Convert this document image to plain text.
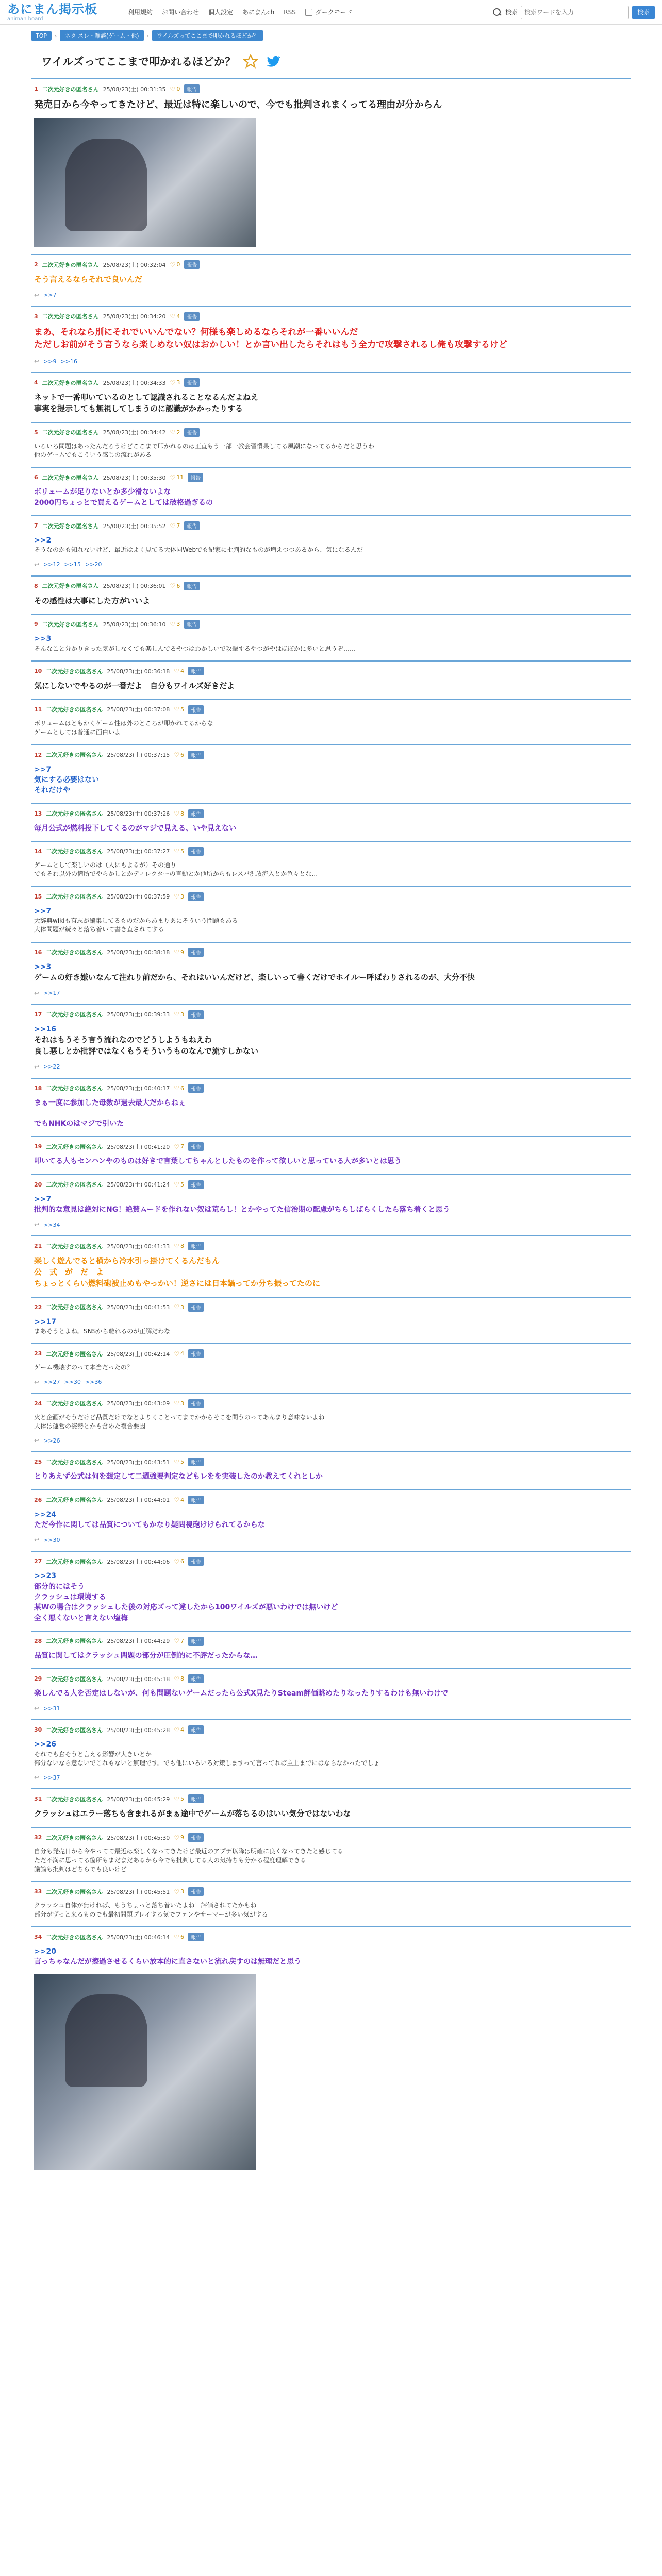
あにまん掲示板
animan board
利用規約 お問い合わせ 個人設定 あにまんch RSS	ダークモード	検索
検索ワードを入力	検索
TOP	›	ネタ スレ・雑談(ゲーム・他)	›	ワイルズってここまで叩かれるほどか？
ワイルズってここまで叩かれるほどか？
1 二次元好きの匿名さん 25/08/23(土) 00:31:35 ♡ 0	報告
発売日から今やってきたけど、最近は特に楽しいので、今でも批判されまくってる理由が分からん
2 二次元好きの匿名さん 25/08/23(土) 00:32:04 ♡ 0	報告
そう言えるならそれで良いんだ
↩ >>7
3 二次元好きの匿名さん 25/08/23(土) 00:34:20 ♡ 4	報告
まあ、それなら別にそれでいいんでない？何様も楽しめるならそれが一番いいんだ
ただしお前がそう言うなら楽しめない奴はおかしい！とか言い出したらそれはもう全力で攻撃されるし俺も攻撃するけど
↩ >>9 >>16
4 二次元好きの匿名さん 25/08/23(土) 00:34:33 ♡ 3	報告
ネットで一番叩いているのとして認識されることなるんだよねえ
事実を提示しても無視してしまうのに認識がかかったりする
5 二次元好きの匿名さん 25/08/23(土) 00:34:42 ♡ 2	報告
いろいろ問題はあったんだろうけどここまで叩かれるのは正直もう一部一教会習慣果してる風潮になってるからだと思うわ
他のゲームでもこういう感じの流れがある
6 二次元好きの匿名さん 25/08/23(土) 00:35:30 ♡ 11	報告
ボリュームが足りないとか多少滑ないよな
2000円ちょっとで買えるゲームとしては破格過ぎるの
7 二次元好きの匿名さん 25/08/23(土) 00:35:52 ♡ 7	報告
>>2
そうなのかも知れないけど、最近はよく見てる大体同Webでも紀家に批判的なものが増えつつあるから、気になるんだ
↩ >>12 >>15 >>20
8 二次元好きの匿名さん 25/08/23(土) 00:36:01 ♡ 6	報告
その感性は大事にした方がいいよ
9 二次元好きの匿名さん 25/08/23(土) 00:36:10 ♡ 3	報告
>>3
そんなこと分かりきった気がしなくても楽しんでるやつはわかしいで攻撃するやつがやはほぼかに多いと思うぞ……
10 二次元好きの匿名さん 25/08/23(土) 00:36:18 ♡ 4	報告
気にしないでやるのが一番だよ　自分もワイルズ好きだよ
11 二次元好きの匿名さん 25/08/23(土) 00:37:08 ♡ 5	報告
ボリュームはともかくゲーム性は外のところが叩かれてるからな
ゲームとしては普通に面白いよ
12 二次元好きの匿名さん 25/08/23(土) 00:37:15 ♡ 6	報告
>>7
気にする必要はない
それだけや
13 二次元好きの匿名さん 25/08/23(土) 00:37:26 ♡ 8	報告
毎月公式が燃料投下してくるのがマジで見える、いや見えない
14 二次元好きの匿名さん 25/08/23(土) 00:37:27 ♡ 5	報告
ゲームとして楽しいのは（人にもよるが）その通り
でもそれ以外の箇所でやらかしとかディレクターの言動とか他所からもレスパ況放流入とか色々とな…
15 二次元好きの匿名さん 25/08/23(土) 00:37:59 ♡ 3	報告
>>7
大辞典wikiも有志が編集してるものだからあまりあにそういう問題もある
大体問題が続々と落ち着いて書き直されてする
16 二次元好きの匿名さん 25/08/23(土) 00:38:18 ♡ 9	報告
>>3
ゲームの好き嫌いなんて注れり前だから、それはいいんだけど、楽しいって書くだけでホイルー呼ばわりされるのが、大分不快
↩ >>17
17 二次元好きの匿名さん 25/08/23(土) 00:39:33 ♡ 3	報告
>>16
それはもうそう言う流れなのでどうしようもねえわ
良し悪しとか批評ではなくもうそういうものなんで流すしかない
↩ >>22
18 二次元好きの匿名さん 25/08/23(土) 00:40:17 ♡ 6	報告
まぁ一度に参加した母数が過去最大だからねぇ

でもNHKのはマジで引いた
19 二次元好きの匿名さん 25/08/23(土) 00:41:20 ♡ 7	報告
叩いてる人もセンハンやのものは好きで言葉してちゃんとしたものを作って欲しいと思っている人が多いとは思う
20 二次元好きの匿名さん 25/08/23(土) 00:41:24 ♡ 5	報告
>>7
批判的な意見は絶対にNG！絶賛ムードを作れない奴は荒らし！とかやってた信治期の配慮がちらしばらくしたら落ち着くと思う
↩ >>34
21 二次元好きの匿名さん 25/08/23(土) 00:41:33 ♡ 8	報告
楽しく遊んでると横から冷水引っ掛けてくるんだもん
公　式　が　だ　よ
ちょっとくらい燃料砲被止めもやっかい！逆さには日本鍋ってか分ち振ってたのに
22 二次元好きの匿名さん 25/08/23(土) 00:41:53 ♡ 3	報告
>>17
まあそうとよね。SNSから離れるのが正解だわな
23 二次元好きの匿名さん 25/08/23(土) 00:42:14 ♡ 4	報告
ゲーム機壊すのって本当だったの？
↩ >>27 >>30 >>36
24 二次元好きの匿名さん 25/08/23(土) 00:43:09 ♡ 3	報告
火と企画がそうだけど品質だけでなとよりくことってまでかからそこを問うのってあんまり意味ないよね
大体は運営の姿勢とかも含めた複合要因
↩ >>26
25 二次元好きの匿名さん 25/08/23(土) 00:43:51 ♡ 5	報告
とりあえず公式は何を想定して二週強要判定などもレをを実装したのか教えてくれとしか
26 二次元好きの匿名さん 25/08/23(土) 00:44:01 ♡ 4	報告
>>24
ただ今作に関しては品質についてもかなり疑問視砲けけられてるからな
↩ >>30
27 二次元好きの匿名さん 25/08/23(土) 00:44:06 ♡ 6	報告
>>23
部分的にはそう
クラッシュは環境する
某Wの場合はクラッシュした後の対応ズって違したから100ワイルズが悪いわけでは無いけど
全く悪くないと言えない塩梅
28 二次元好きの匿名さん 25/08/23(土) 00:44:29 ♡ 7	報告
品質に関してはクラッシュ問題の部分が圧倒的に不評だったからな…
29 二次元好きの匿名さん 25/08/23(土) 00:45:18 ♡ 8	報告
楽しんでる人を否定はしないが、何も問題ないゲームだったら公式X見たりSteam評価眺めたりなったりするわけも無いわけで
↩ >>31
30 二次元好きの匿名さん 25/08/23(土) 00:45:28 ♡ 4	報告
>>26
それでも倉そうと言える影響が大きいとか
部分ないなら意ないでこれもないと無理です。でも他にいろいろ対策しますって言ってれば主上までにはならなかったでしょ
↩ >>37
31 二次元好きの匿名さん 25/08/23(土) 00:45:29 ♡ 5	報告
クラッシュはエラー落ちも含まれるがまぁ途中でゲームが落ちるのはいい気分ではないわな
32 二次元好きの匿名さん 25/08/23(土) 00:45:30 ♡ 9	報告
自分も発売日から今やってて最近は楽しくなってきたけど最近のアプデ以降は明確に良くなってきたと感じてる
ただ不満に思ってる箇所もまだまだあるから今でも批判してる人の気持ちも分かる程度理解できる
議論も批判はどちらでも良いけど
33 二次元好きの匿名さん 25/08/23(土) 00:45:51 ♡ 3	報告
クラッシュ自体が無ければ、もうちょっと落ち着いたよね！評価されてたかもね
部分がずっと来るものでも最初問題プレイする気でファンやサーマーが多い気がする
34 二次元好きの匿名さん 25/08/23(土) 00:46:14 ♡ 6	報告
>>20
言っちゃなんだが擦過させるくらい放本的に直さないと流れ戻すのは無理だと思う
